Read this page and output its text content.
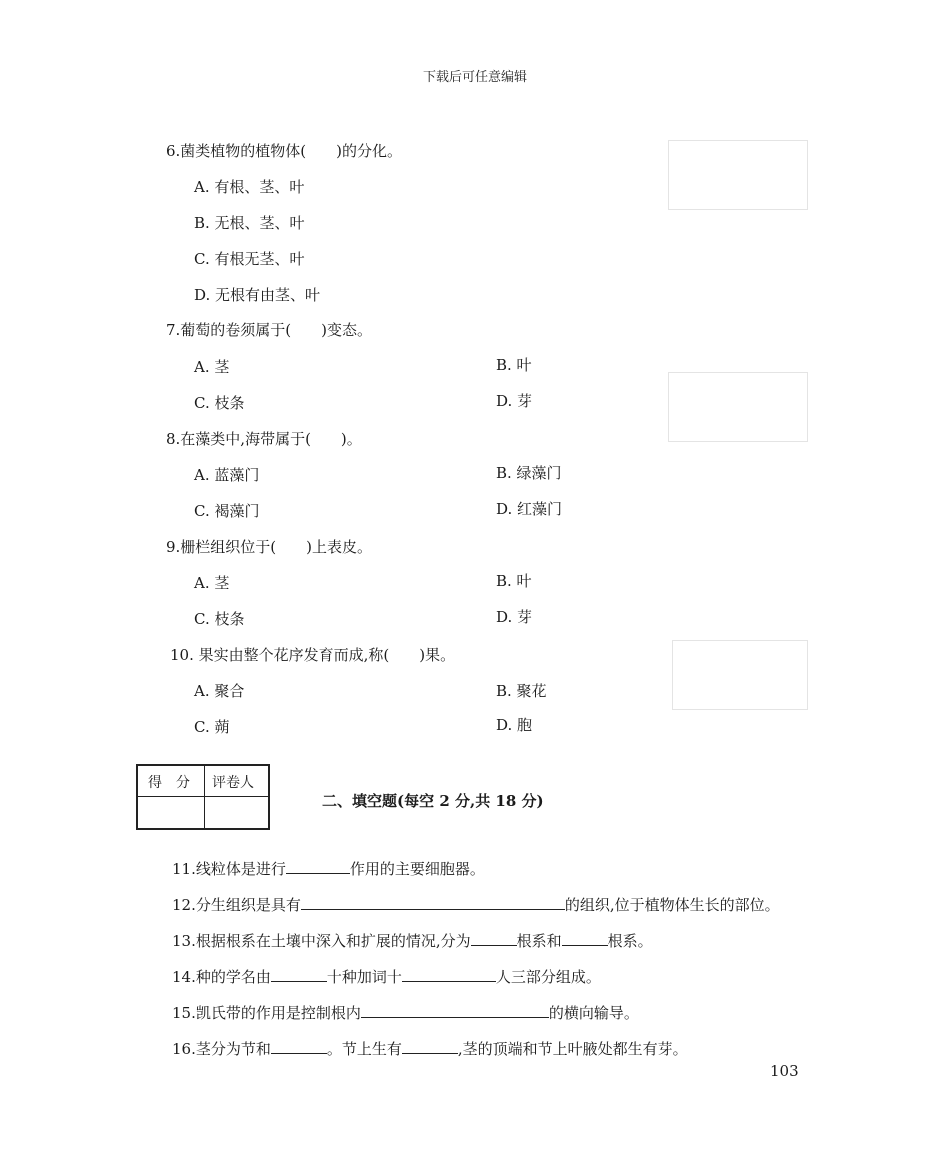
下载后可任意编辑
6.菌类植物的植物体(　　)的分化。
A. 有根、茎、叶
B. 无根、茎、叶
C. 有根无茎、叶
D. 无根有由茎、叶
7.葡萄的卷须属于(　　)变态。
A. 茎	B. 叶
C. 枝条	D. 芽
8.在藻类中,海带属于(　　)。
A. 蓝藻门	B. 绿藻门
C. 褐藻门	D. 红藻门
9.栅栏组织位于(　　)上表皮。
A. 茎	B. 叶
C. 枝条	D. 芽
10. 果实由整个花序发育而成,称(　　)果。
A. 聚合	B. 聚花
C. 蒴	D. 胞
得　分 评卷人
二、填空题(每空 2 分,共 18 分)
11.线粒体是进行	作用的主要细胞器。
12.分生组织是具有	的组织,位于植物体生长的部位。
13.根据根系在土壤中深入和扩展的情况,分为	根系和	根系。
14.种的学名由	十种加词十	人三部分组成。
15.凯氏带的作用是控制根内	的横向输导。
16.茎分为节和	。节上生有	,茎的顶端和节上叶腋处都生有芽。
103
